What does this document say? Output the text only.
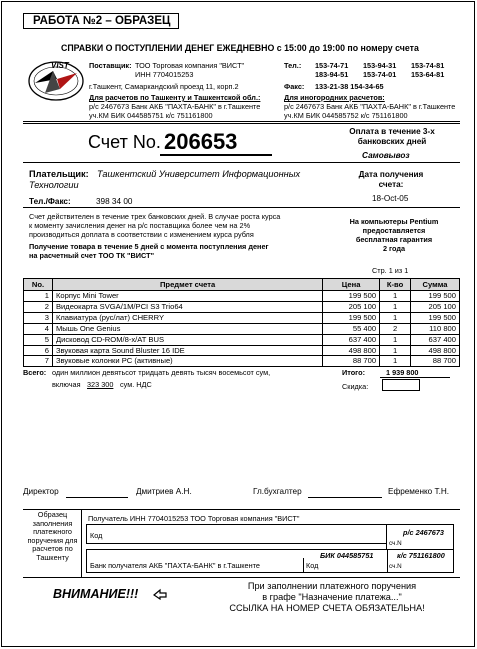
РАБОТА №2 – ОБРАЗЕЦ
СПРАВКИ О ПОСТУПЛЕНИИ ДЕНЕГ ЕЖЕДНЕВНО с 15:00 до 19:00 по номеру счета
VIST	Поставщик: ТОО Торговая компания "ВИСТ"
ИНН 7704015253
г.Ташкент, Самаркандский проезд 11, корп.2
Тел.: 153-74-71 153-94-31 153-74-81
183-94-51 153-74-01 153-64-81
Факс: 133-21-38 154-34-65
Для расчетов по Ташкенту и Ташкентской обл.:
р/с 2467673 Банк АКБ "ПАХТА-БАНК" в г.Ташкенте
уч.КМ БИК 044585751 к/с 751161800
Для иногородних расчетов:
р/с 2467673 Банк АКБ "ПАХТА-БАНК" в г.Ташкенте
уч.КМ БИК 044585752 к/с 751161800
Счет No. 206653	Оплата в течение 3-х банковских дней
Самовывоз
Плательщик: Ташкентский Университет Информационных
Технологии
Дата получения счета:
18-Oct-05
Тел./Факс:	398 34 00
Счет действителен в течение трех банковских дней. В случае роста курса
к моменту зачисления денег на р/с поставщика более чем на 2%
производиться доплата в соответствии с изменением курса рубля
Получение товара в течение 5 дней с момента поступления денег
на расчетный счет ТОО ТК "ВИСТ"
На компьютеры Pentium
предоставляется
бесплатная гарантия
2 года
Стр. 1 из 1
No.	Предмет счета	Цена	К-во	Сумма
1	Корпус Mini Tower	199 500	1	199 500
2	Видеокарта SVGA/1M/PCI S3 Trio64	205 100	1	205 100
3	Клавиатура (рус/лат) CHERRY	199 500	1	199 500
4	Мышь One Genius	55 400	2	110 800
5	Дисковод CD-ROM/8-x/AT BUS	637 400	1	637 400
6	Звуковая карта Sound Bluster 16 IDE	498 800	1	498 800
7	Звуковые колонки PC (активные)	88 700	1	88 700
Всего: один миллион девятьсот тридцать девять тысяч восемьсот сум,
включая 323 300 сум. НДС
Итого:	1 939 800
Скидка:
Директор	Дмитриев А.Н.	Гл.бухгалтер	Ефременко Т.Н.
Образец заполнения платежного поручения для расчетов по Ташкенту
Получатель ИНН 7704015253 ТОО Торговая компания "ВИСТ"
Код	р/с 2467673
сч.N
БИК 044585751	к/с 751161800
Банк получателя АКБ "ПАХТА-БАНК" в г.Ташкенте	Код	сч.N
ВНИМАНИЕ!!!
При заполнении платежного поручения
в графе "Назначение платежа..."
ССЫЛКА НА НОМЕР СЧЕТА ОБЯЗАТЕЛЬНА!
